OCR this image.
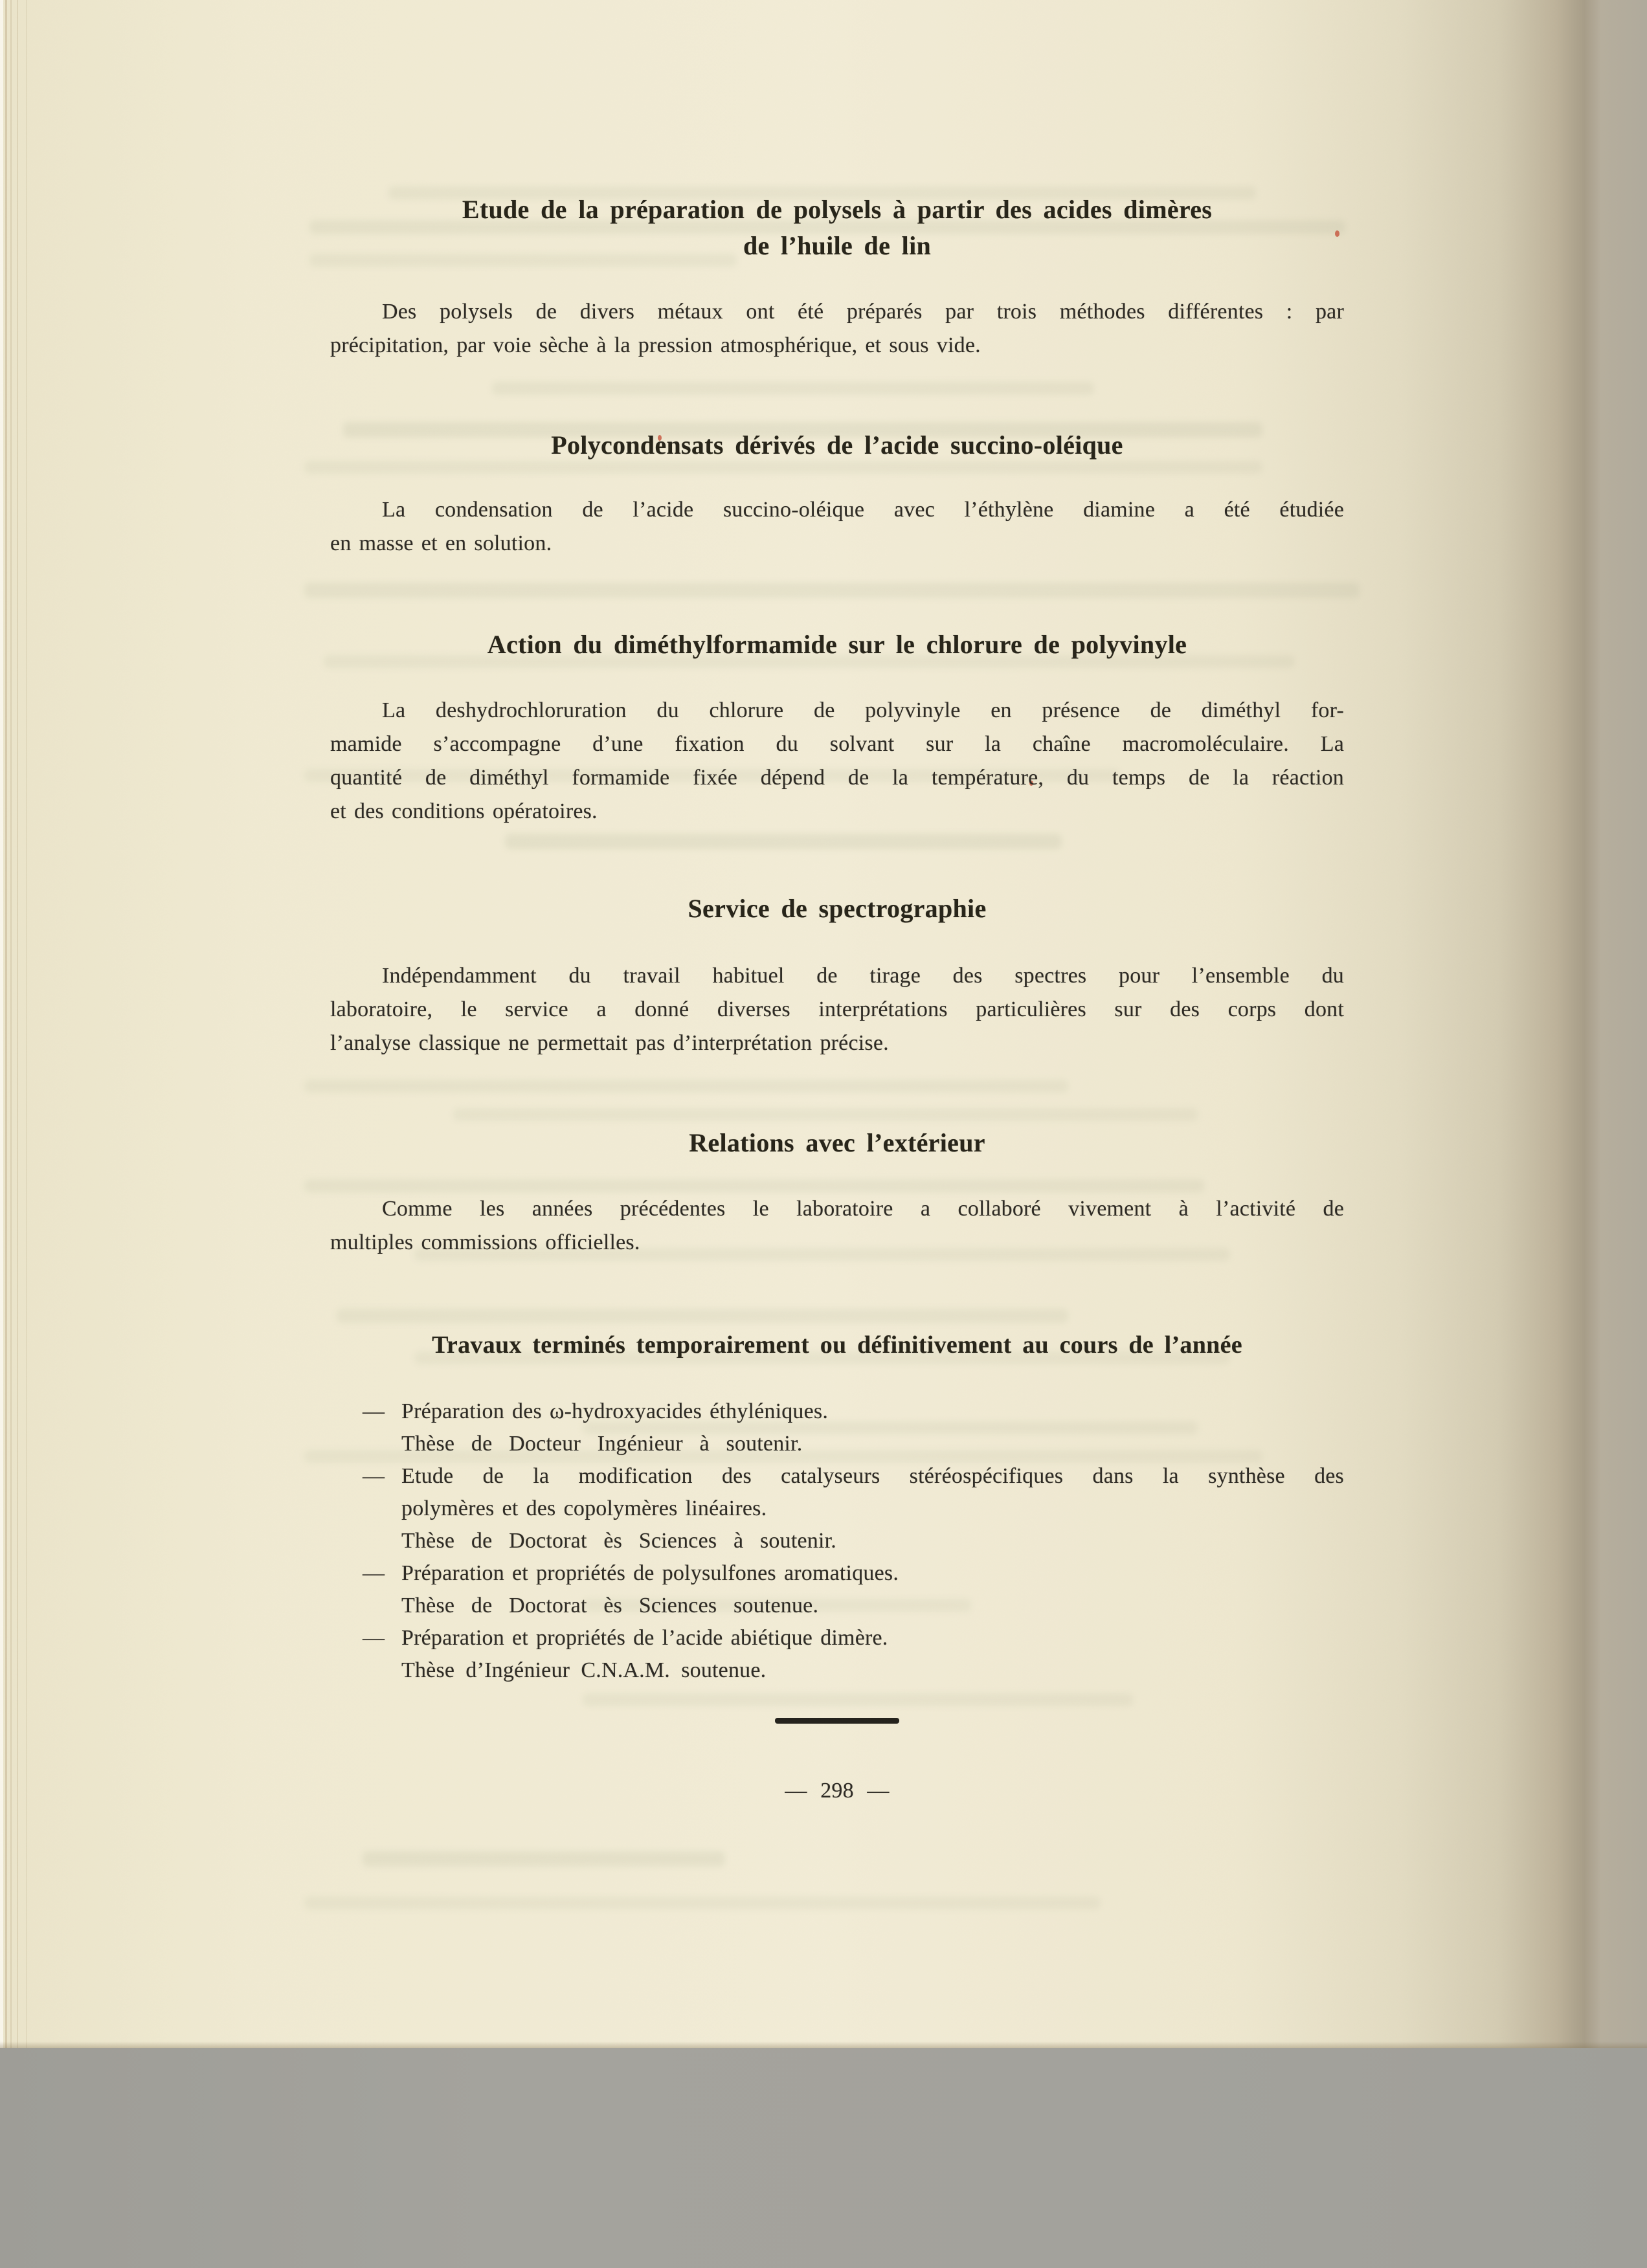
Etude de la préparation de polysels à partir des acides dimères
de l’huile de lin
Des polysels de divers métaux ont été préparés par trois méthodes différentes : par
précipitation, par voie sèche à la pression atmosphérique, et sous vide.
Polycondensats dérivés de l’acide succino-oléique
La condensation de l’acide succino-oléique avec l’éthylène diamine a été étudiée
en masse et en solution.
Action du diméthylformamide sur le chlorure de polyvinyle
La deshydrochloruration du chlorure de polyvinyle en présence de diméthyl for-
mamide s’accompagne d’une fixation du solvant sur la chaîne macromoléculaire. La
quantité de diméthyl formamide fixée dépend de la température, du temps de la réaction
et des conditions opératoires.
Service de spectrographie
Indépendamment du travail habituel de tirage des spectres pour l’ensemble du
laboratoire, le service a donné diverses interprétations particulières sur des corps dont
l’analyse classique ne permettait pas d’interprétation précise.
Relations avec l’extérieur
Comme les années précédentes le laboratoire a collaboré vivement à l’activité de
multiples commissions officielles.
Travaux terminés temporairement ou définitivement au cours de l’année
— Préparation des ω-hydroxyacides éthyléniques.
Thèse de Docteur Ingénieur à soutenir.
— Etude de la modification des catalyseurs stéréospécifiques dans la synthèse des
polymères et des copolymères linéaires.
Thèse de Doctorat ès Sciences à soutenir.
— Préparation et propriétés de polysulfones aromatiques.
Thèse de Doctorat ès Sciences soutenue.
— Préparation et propriétés de l’acide abiétique dimère.
Thèse d’Ingénieur C.N.A.M. soutenue.
— 298 —
